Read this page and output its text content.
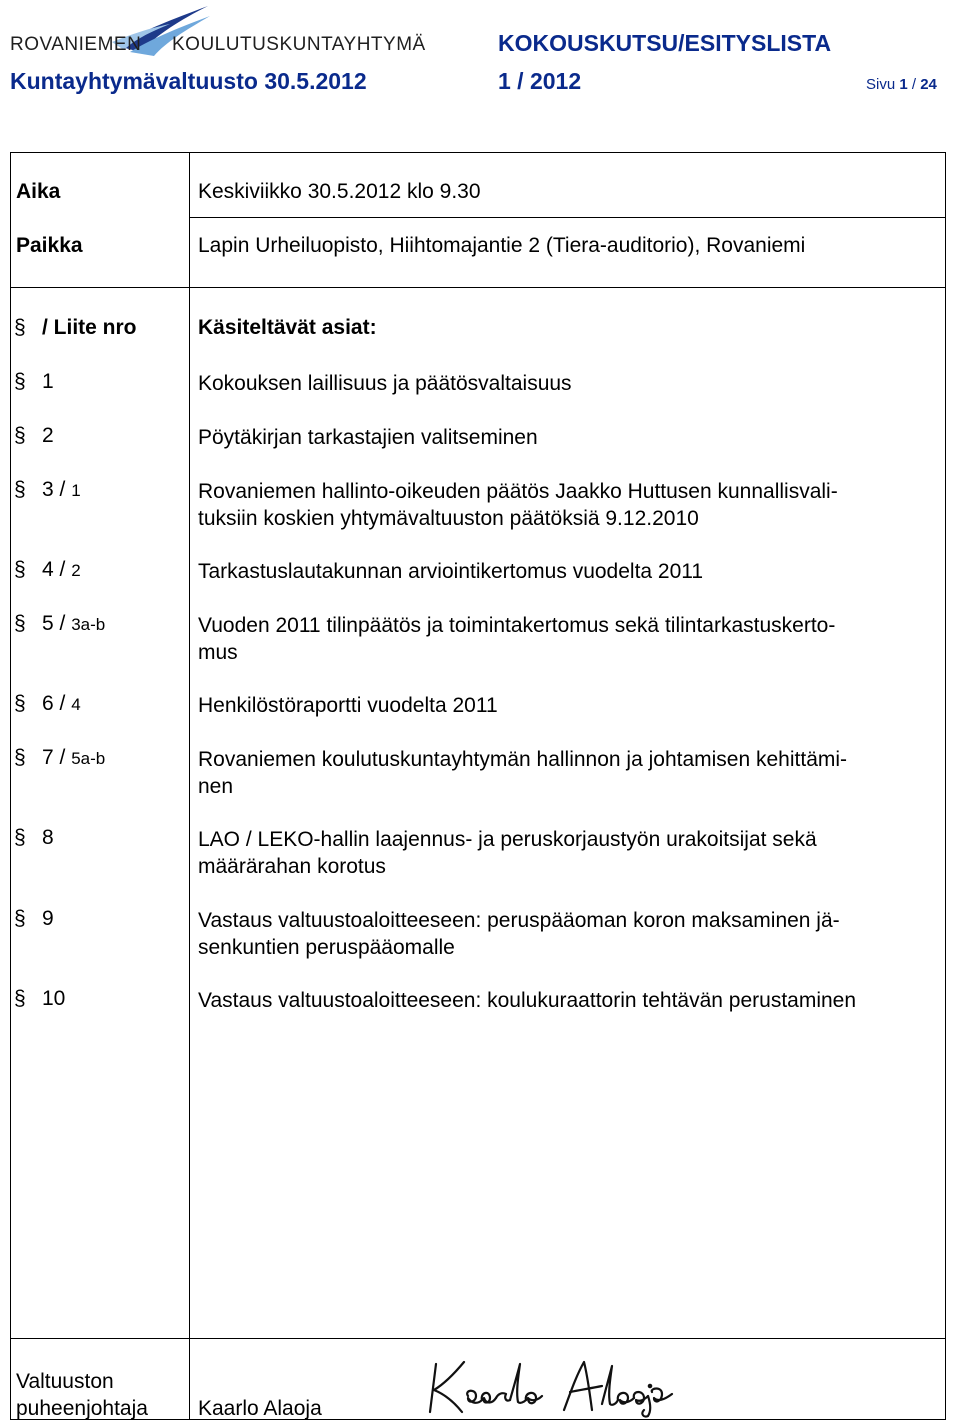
ROVANIEMEN KOULUTUSKUNTAYHTYMÄ	KOKOUSKUTSU/ESITYSLISTA
Kuntayhtymävaltuusto 30.5.2012	1 / 2012	Sivu 1 / 24
Aika	Keskiviikko 30.5.2012 klo 9.30
Paikka	Lapin Urheiluopisto, Hiihtomajantie 2 (Tiera-auditorio), Rovaniemi
§ / Liite nro	Käsiteltävät asiat:
§ 1	Kokouksen laillisuus ja päätösvaltaisuus
§ 2	Pöytäkirjan tarkastajien valitseminen
§ 3 / 1	Rovaniemen hallinto-oikeuden päätös Jaakko Huttusen kunnallisvali-
tuksiin koskien yhtymävaltuuston päätöksiä 9.12.2010
§ 4 / 2	Tarkastuslautakunnan arviointikertomus vuodelta 2011
§ 5 / 3a-b	Vuoden 2011 tilinpäätös ja toimintakertomus sekä tilintarkastuskerto-
mus
§ 6 / 4	Henkilöstöraportti vuodelta 2011
§ 7 / 5a-b	Rovaniemen koulutuskuntayhtymän hallinnon ja johtamisen kehittämi-
nen
§ 8	LAO / LEKO-hallin laajennus- ja peruskorjaustyön urakoitsijat sekä
määrärahan korotus
§ 9	Vastaus valtuustoaloitteeseen: peruspääoman koron maksaminen jä-
senkuntien peruspääomalle
§ 10	Vastaus valtuustoaloitteeseen: koulukuraattorin tehtävän perustaminen
Valtuuston
puheenjohtaja Kaarlo Alaoja
